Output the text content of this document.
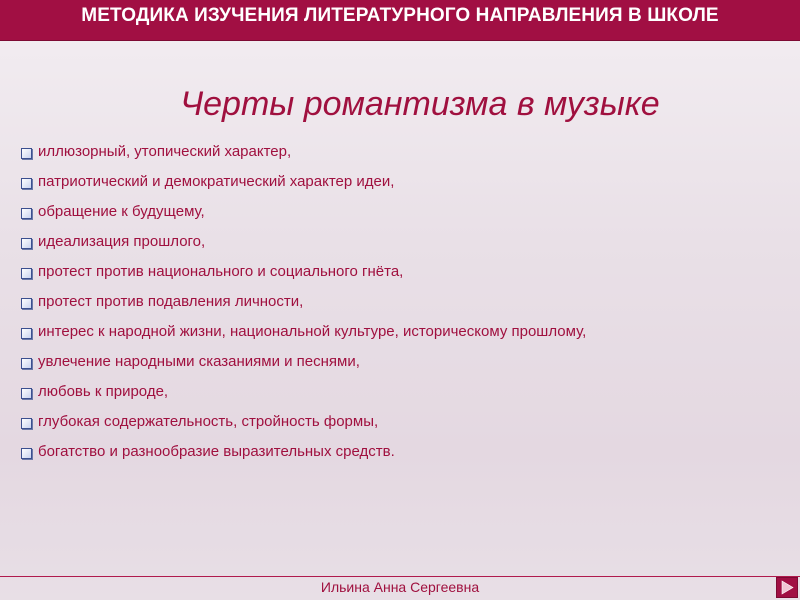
МЕТОДИКА ИЗУЧЕНИЯ ЛИТЕРАТУРНОГО НАПРАВЛЕНИЯ В ШКОЛЕ
Черты романтизма в музыке
иллюзорный, утопический характер,
патриотический и демократический характер идеи,
обращение к будущему,
идеализация прошлого,
протест против национального и социального гнёта,
протест против подавления личности,
интерес к народной жизни, национальной культуре, историческому прошлому,
увлечение народными сказаниями и песнями,
любовь к природе,
глубокая содержательность, стройность формы,
богатство и разнообразие выразительных средств.
Ильина Анна Сергеевна
